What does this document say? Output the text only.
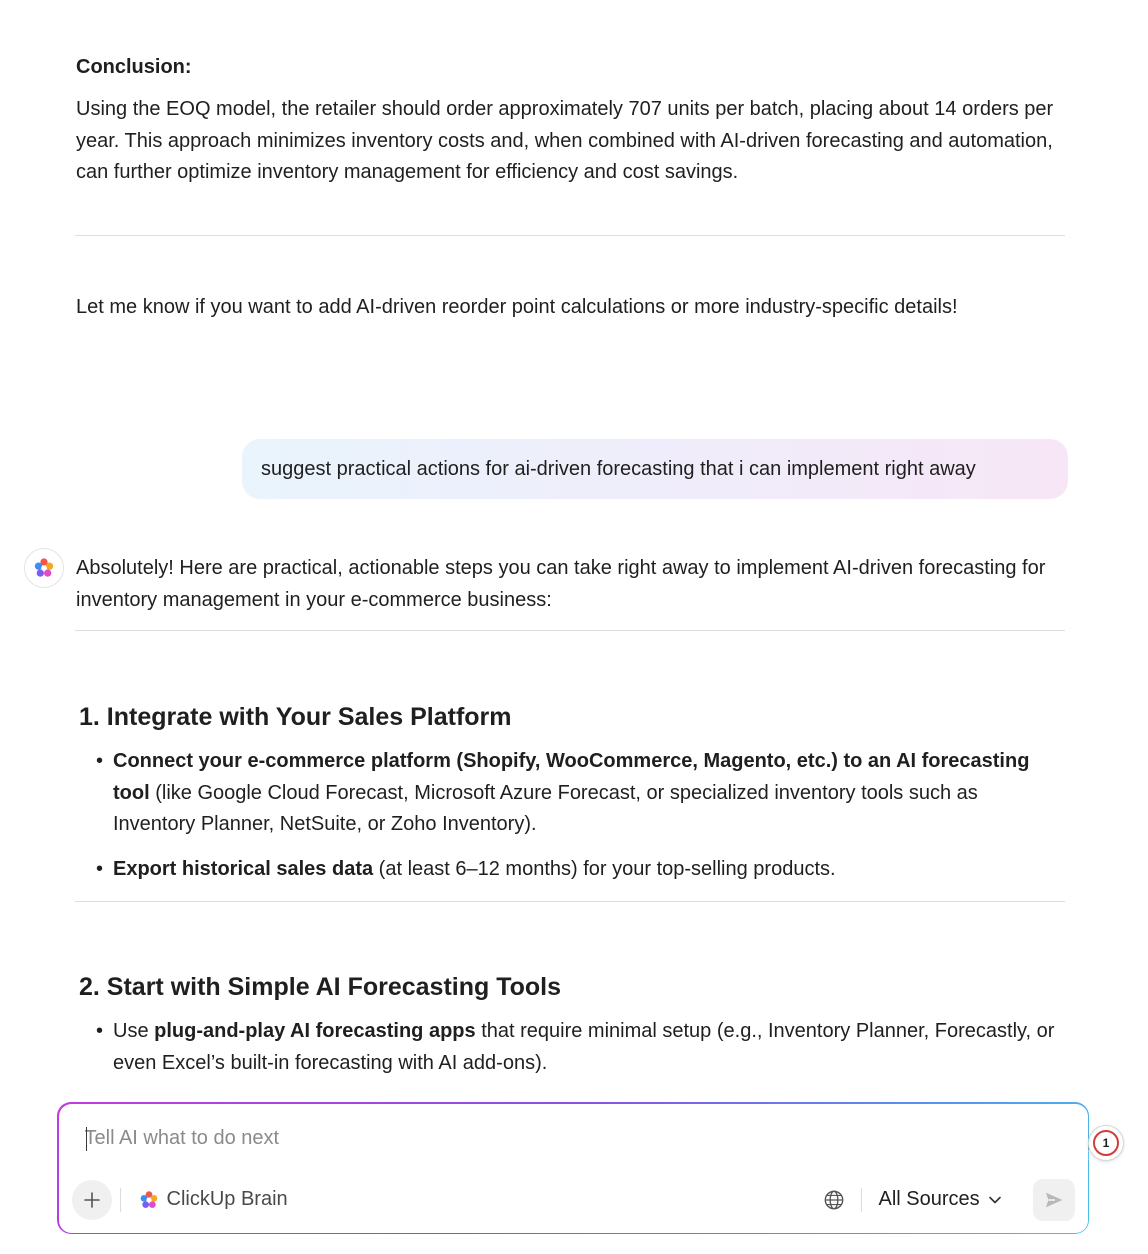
Conclusion:
Using the EOQ model, the retailer should order approximately 707 units per batch, placing about 14 orders per year. This approach minimizes inventory costs and, when combined with AI-driven forecasting and automation, can further optimize inventory management for efficiency and cost savings.
Let me know if you want to add AI-driven reorder point calculations or more industry-specific details!
suggest practical actions for ai-driven forecasting that i can implement right away
Absolutely! Here are practical, actionable steps you can take right away to implement AI-driven forecasting for inventory management in your e-commerce business:
1. Integrate with Your Sales Platform
• Connect your e-commerce platform (Shopify, WooCommerce, Magento, etc.) to an AI forecasting tool (like Google Cloud Forecast, Microsoft Azure Forecast, or specialized inventory tools such as Inventory Planner, NetSuite, or Zoho Inventory).
• Export historical sales data (at least 6–12 months) for your top-selling products.
2. Start with Simple AI Forecasting Tools
• Use plug-and-play AI forecasting apps that require minimal setup (e.g., Inventory Planner, Forecastly, or even Excel’s built-in forecasting with AI add-ons).
Tell AI what to do next
ClickUp Brain	All Sources
1
